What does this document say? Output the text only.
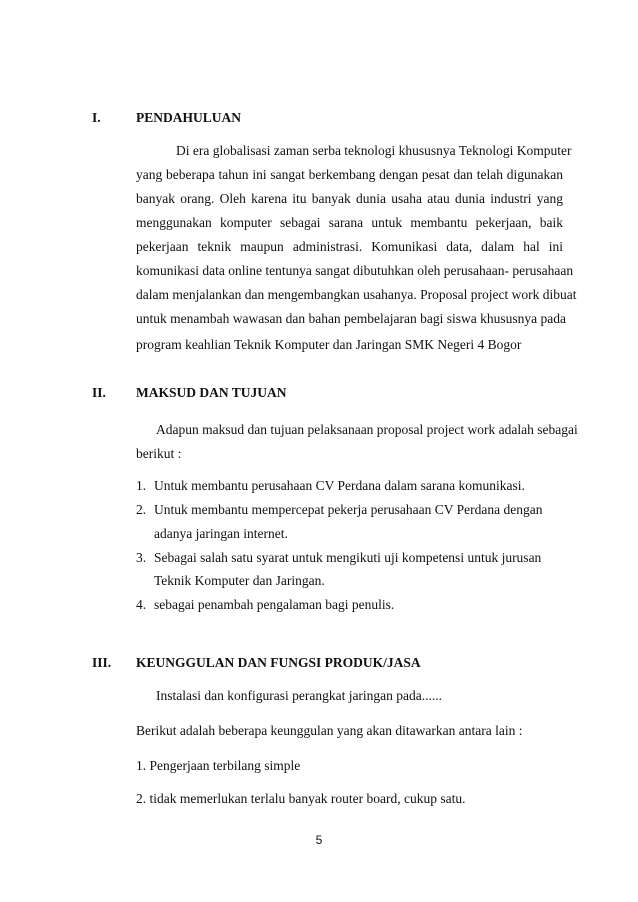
I.	PENDAHULUAN
Di era globalisasi zaman serba teknologi khususnya Teknologi Komputer
yang beberapa tahun ini sangat berkembang dengan pesat dan telah digunakan
banyak orang. Oleh karena itu banyak dunia usaha atau dunia industri yang
menggunakan komputer sebagai sarana untuk membantu pekerjaan, baik
pekerjaan teknik maupun administrasi. Komunikasi data, dalam hal ini
komunikasi data online tentunya sangat dibutuhkan oleh perusahaan- perusahaan
dalam menjalankan dan mengembangkan usahanya. Proposal project work dibuat
untuk menambah wawasan dan bahan pembelajaran bagi siswa khususnya pada
program keahlian Teknik Komputer dan Jaringan SMK Negeri 4 Bogor
II. MAKSUD DAN TUJUAN
Adapun maksud dan tujuan pelaksanaan proposal project work adalah sebagai
berikut :
1. Untuk membantu perusahaan CV Perdana dalam sarana komunikasi.
2. Untuk membantu mempercepat pekerja perusahaan CV Perdana dengan
adanya jaringan internet.
3. Sebagai salah satu syarat untuk mengikuti uji kompetensi untuk jurusan
Teknik Komputer dan Jaringan.
4. sebagai penambah pengalaman bagi penulis.
III. KEUNGGULAN DAN FUNGSI PRODUK/JASA
Instalasi dan konfigurasi perangkat jaringan pada......
Berikut adalah beberapa keunggulan yang akan ditawarkan antara lain :
5
1. Pengerjaan terbilang simple
2. tidak memerlukan terlalu banyak router board, cukup satu.
